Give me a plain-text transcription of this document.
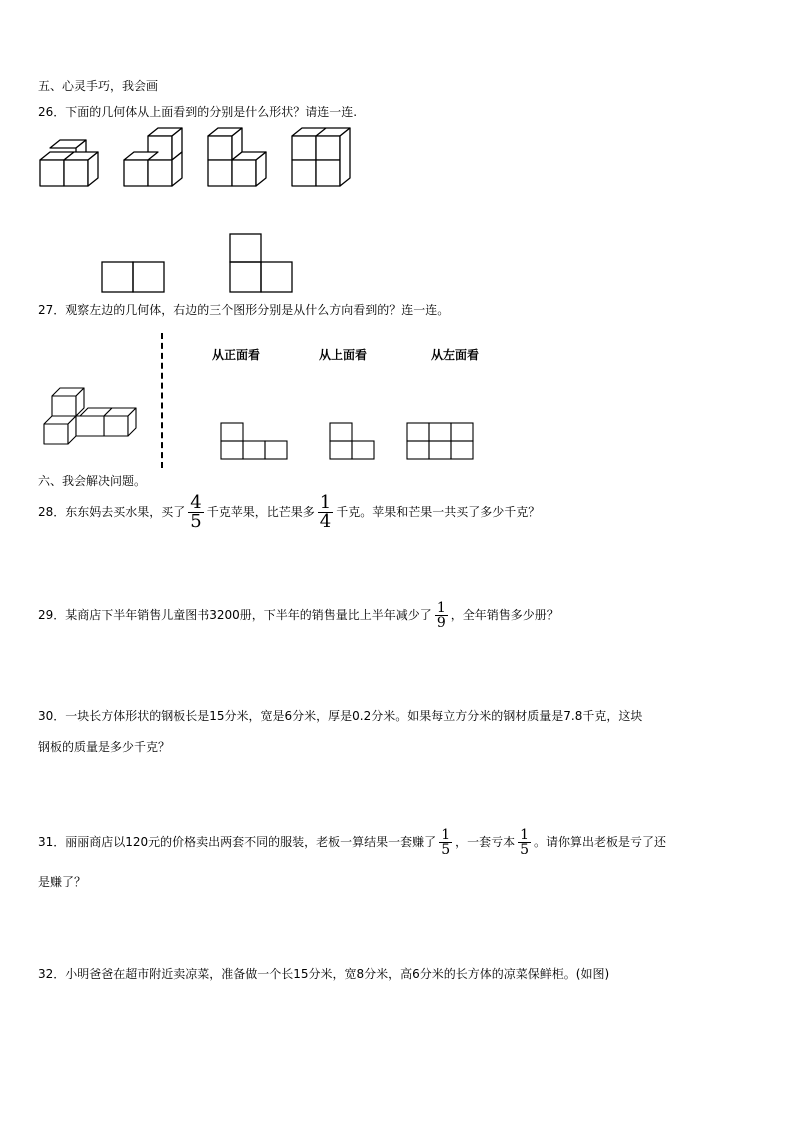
五、心灵手巧，我会画
26．下面的几何体从上面看到的分别是什么形状？请连一连.
27．观察左边的几何体，右边的三个图形分别是从什么方向看到的？连一连。
从正面看	从上面看	从左面看
六、我会解决问题。
28．东东妈去买水果，买了 $\frac{4}{5}$ 千克苹果，比芒果多 $\frac{1}{4}$ 千克。苹果和芒果一共买了多少千克？
29．某商店下半年销售儿童图书3200册，下半年的销售量比上半年减少了 $\frac{1}{9}$ ，全年销售多少册？
30．一块长方体形状的钢板长是15分米，宽是6分米，厚是0.2分米。如果每立方分米的钢材质量是7.8千克，这块
钢板的质量是多少千克？
31．丽丽商店以120元的价格卖出两套不同的服装，老板一算结果一套赚了 $\frac{1}{5}$ ，一套亏本 $\frac{1}{5}$ 。请你算出老板是亏了还
是赚了？
32．小明爸爸在超市附近卖凉菜，准备做一个长15分米，宽8分米，高6分米的长方体的凉菜保鲜柜。(如图)
